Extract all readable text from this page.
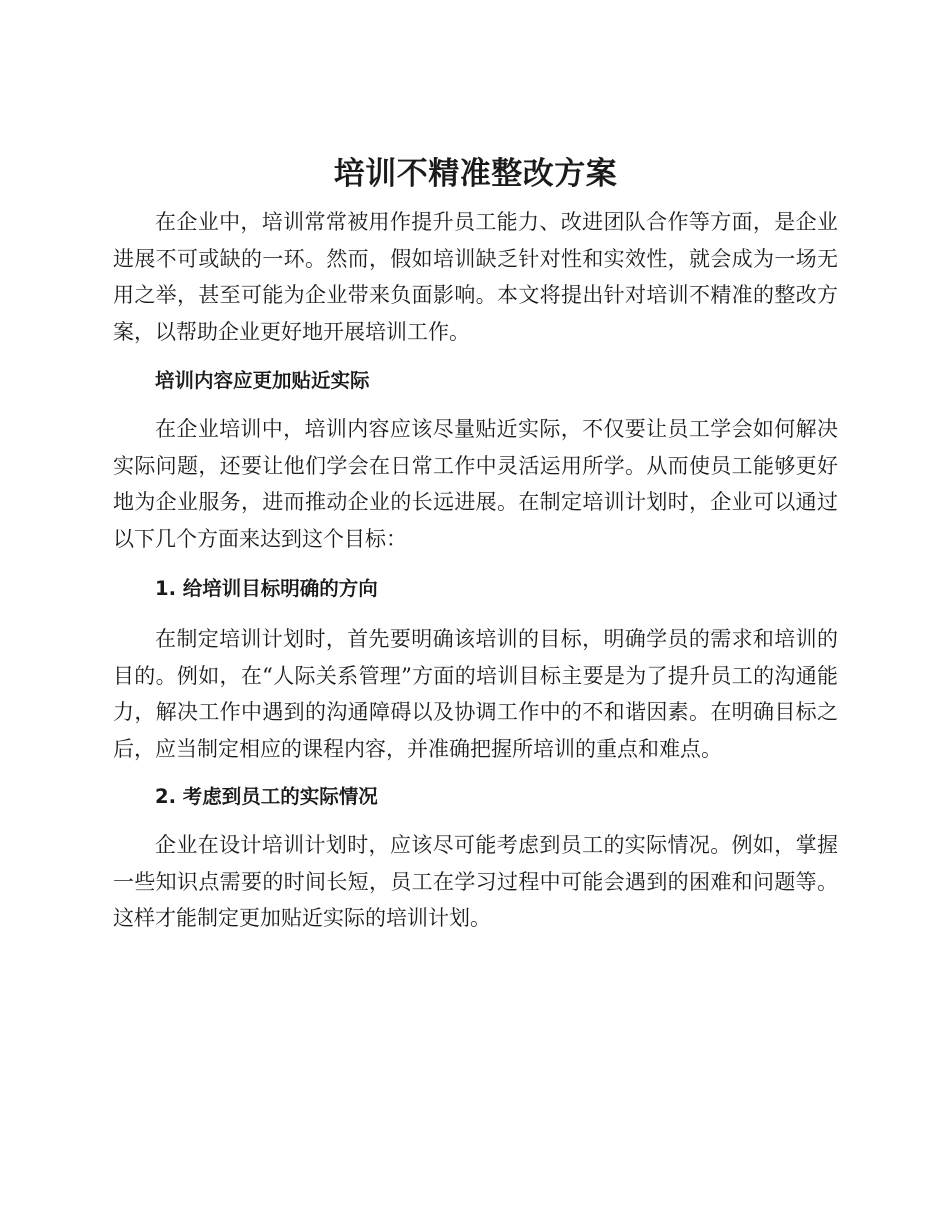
培训不精准整改方案

在企业中，培训常常被用作提升员工能力、改进团队合作等方面，是企业进展不可或缺的一环。然而，假如培训缺乏针对性和实效性，就会成为一场无用之举，甚至可能为企业带来负面影响。本文将提出针对培训不精准的整改方案，以帮助企业更好地开展培训工作。

培训内容应更加贴近实际

在企业培训中，培训内容应该尽量贴近实际，不仅要让员工学会如何解决实际问题，还要让他们学会在日常工作中灵活运用所学。从而使员工能够更好地为企业服务，进而推动企业的长远进展。在制定培训计划时，企业可以通过以下几个方面来达到这个目标：

1. 给培训目标明确的方向

在制定培训计划时，首先要明确该培训的目标，明确学员的需求和培训的目的。例如，在“人际关系管理”方面的培训目标主要是为了提升员工的沟通能力，解决工作中遇到的沟通障碍以及协调工作中的不和谐因素。在明确目标之后，应当制定相应的课程内容，并准确把握所培训的重点和难点。

2. 考虑到员工的实际情况

企业在设计培训计划时，应该尽可能考虑到员工的实际情况。例如，掌握一些知识点需要的时间长短，员工在学习过程中可能会遇到的困难和问题等。这样才能制定更加贴近实际的培训计划。
